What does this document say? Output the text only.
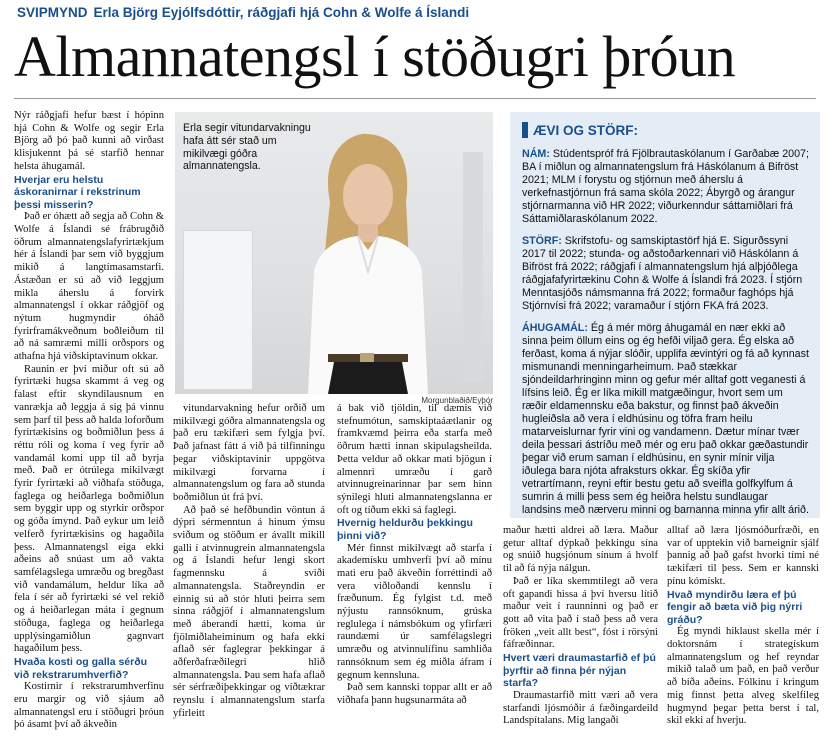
SVIPMYND Erla Björg Eyjólfsdóttir, ráðgjafi hjá Cohn & Wolfe á Íslandi
Almannatengsl í stöðugri þróun

Nýr ráðgjafi hefur bæst í hópinn hjá Cohn & Wolfe og segir Erla Björg að þó það kunni að virðast klisjukennt þá sé starfið hennar helsta áhugamál.

Hverjar eru helstu áskoranirnar í rekstrinum þessi misserin?

Það er óhætt að segja að Cohn & Wolfe á Íslandi sé frábrugðið öðrum almannatengslafyrirtækjum hér á Íslandi þar sem við byggjum mikið á langtímasamstarfi. Ástæðan er sú að við leggjum mikla áherslu á forvirk almannatengsl í okkar ráðgjöf og nýtum hugmyndir óháð fyrirframákveðnum boðleiðum til að ná samræmi milli orðspors og athafna hjá viðskiptavinum okkar.

Raunin er því miður oft sú að fyrirtæki hugsa skammt á veg og falast eftir skyndilausnum en vanrækja að leggja á sig þá vinnu sem þarf til þess að halda loforðum fyrirtækisins og boðmiðlun þess á réttu róli og koma í veg fyrir að vandamál komi upp til að byrja með. Það er ótrúlega mikilvægt fyrir fyrirtæki að viðhafa stöðuga, faglega og heiðarlega boðmiðlun sem byggir upp og styrkir orðspor og góða ímynd. Það eykur um leið velferð fyrirtækisins og hagaðila þess. Almannatengsl eiga ekki aðeins að snúast um að vakta samfélagslega umræðu og bregðast við vandamálum, heldur líka að fela í sér að fyrirtæki sé vel rekið og á heiðarlegan máta í gegnum stöðuga, faglega og heiðarlega upplýsingamiðlun gagnvart hagaðilum þess.

Hvaða kosti og galla sérðu við rekstrarumhverfið?

Kostirnir í rekstrarumhverfinu eru margir og við sjáum að almannatengsl eru í stöðugri þróun þó ásamt því að ákveðin

vitundarvakning hefur orðið um mikilvægi góðra almannatengsla og það eru tækifæri sem fylgja því. Það jafnast fátt á við þá tilfinningu þegar viðskiptavinir uppgötva mikilvægi forvarna í almannatengslum og fara að stunda boðmiðlun út frá því.

Að það sé hefðbundin vöntun á dýpri sérmenntun á hinum ýmsu sviðum og stöðum er ávallt mikill galli í atvinnugrein almannatengsla og á Íslandi hefur lengi skort fagmennsku á sviði almannatengsla. Staðreyndin er einnig sú að stór hluti þeirra sem sinna ráðgjöf í almannatengslum með áberandi hætti, koma úr fjölmiðlaheiminum og hafa ekki aflað sér faglegrar þekkingar á aðferðafræðilegri hlið almannatengsla. Þau sem hafa aflað sér sérfræðiþekkingar og víðtækrar reynslu í almannatengslum starfa yfirleitt

á bak við tjöldin, til dæmis við stefnumótun, samskiptaáætlanir og framkvæmd þeirra eða starfa með öðrum hætti innan skipulagsheilda. Þetta veldur að okkar mati bjögun í almennri umræðu í garð atvinnugreinarinnar þar sem hinn sýnilegi hluti almannatengslanna er oft og tíðum ekki sá faglegi.

Hvernig heldurðu þekkingu þinni við?

Mér finnst mikilvægt að starfa í akademísku umhverfi því að mínu mati eru það ákveðin forréttindi að vera viðloðandi kennslu í fræðunum. Ég fylgist t.d. með nýjustu rannsóknum, grúska reglulega í námsbókum og yfirfæri raundæmi úr samfélagslegri umræðu og atvinnulífinu samhliða rannsóknum sem ég miðla áfram í gegnum kennsluna.

Það sem kannski toppar allt er að viðhafa þann hugsunarmáta að

maður hætti aldrei að læra. Maður getur alltaf dýpkað þekkingu sína og snúið hugsjónum sínum á hvolf til að fá nýja nálgun.

Það er líka skemmtilegt að vera oft gapandi hissa á því hversu lítið maður veit í raunninni og það er gott að vita það í stað þess að vera fröken „veit allt best“, fóst í rörsýni fáfræðinnar.

Hvert væri draumastarfið ef þú þyrftir að finna þér nýjan starfa?

Draumastarfið mitt væri að vera starfandi ljósmóðir á fæðingardeild Landspítalans. Mig langaði

alltaf að læra ljósmóðurfræði, en var of upptekin við barneignir sjálf þannig að það gafst hvorki tími né tækifæri til þess. Sem er kannski pínu kómískt.

Hvað myndirðu læra ef þú fengir að bæta við þig nýrri gráðu?

Ég myndi hiklaust skella mér í doktorsnám í strategískum almannatengslum og hef reyndar mikið talað um það, en það verður að bíða aðeins. Fólkinu í kringum mig finnst þetta alveg skelfileg hugmynd þegar þetta berst í tal, skil ekki af hverju.

Erla segir vitundarvakningu hafa átt sér stað um mikilvægi góðra almannatengsla.
Morgunblaðið/Eyþór
ÆVI OG STÖRF:

NÁM: Stúdentspróf frá Fjölbrautaskólanum í Garðabæ 2007; BA í miðlun og almannatengslum frá Háskólanum á Bifröst 2021; MLM í forystu og stjórnun með áherslu á verkefnastjórnun frá sama skóla 2022; Ábyrgð og árangur stjórnarmanna við HR 2022; viðurkenndur sáttamiðlari frá Sáttamiðlaraskólanum 2022.

STÖRF: Skrifstofu- og samskiptastörf hjá E. Sigurðssyni 2017 til 2022; stunda- og aðstoðarkennari við Háskólann á Bifröst frá 2022; ráðgjafi í almannatengslum hjá alþjóðlega ráðgjafafyrirtækinu Cohn & Wolfe á Íslandi frá 2023. Í stjórn Menntasjóðs námsmanna frá 2022; formaður faghóps hjá Stjórnvísi frá 2022; varamaður í stjórn FKA frá 2023.

ÁHUGAMÁL: Ég á mér mörg áhugamál en nær ekki að sinna þeim öllum eins og ég hefði viljað gera. Ég elska að ferðast, koma á nýjar slóðir, upplifa ævintýri og fá að kynnast mismunandi menningarheimum. Það stækkar sjóndeildarhringinn minn og gefur mér alltaf gott veganesti á lífsins leið. Ég er líka mikill matgæðingur, hvort sem um ræðir eldamennsku eða bakstur, og finnst það ákveðin hugleiðsla að vera í eldhúsinu og töfra fram heilu matarveislurnar fyrir vini og vandamenn. Dætur mínar tvær deila þessari ástríðu með mér og eru það okkar gæðastundir þegar við erum saman í eldhúsinu, en synir mínir vilja iðulega bara njóta afraksturs okkar. Ég skíða yfir vetrartímann, reyni eftir bestu getu að sveifla golfkylfum á sumrin á milli þess sem ég heiðra helstu sundlaugar landsins með nærveru minni og barnanna minna yfir allt árið.
